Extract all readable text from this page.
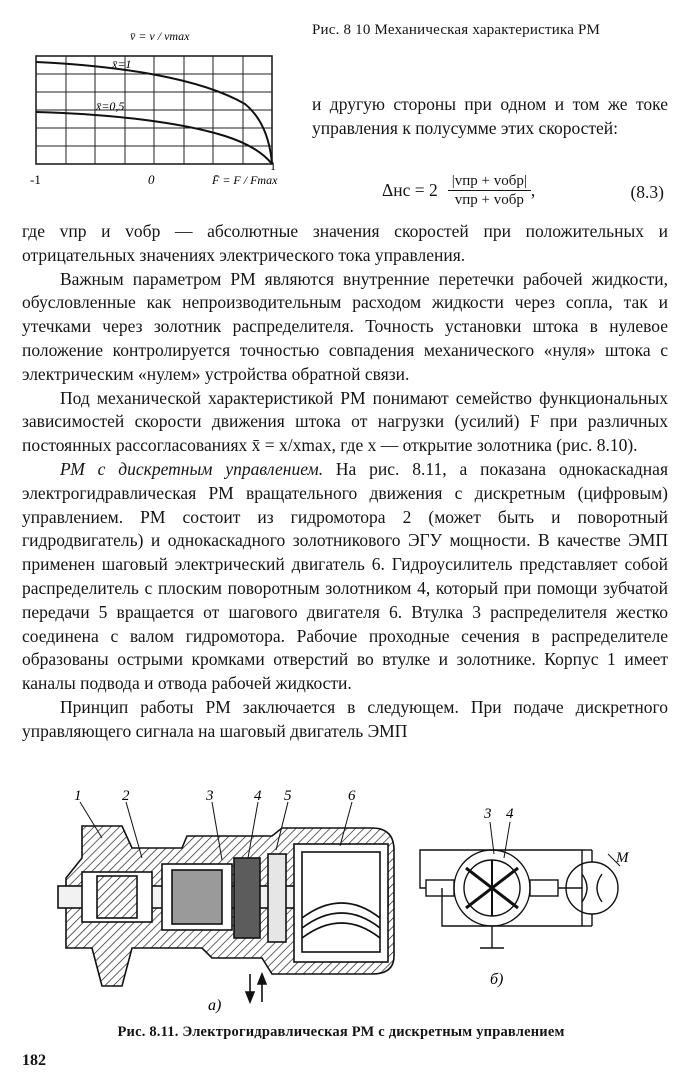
v̄ = v / vmax
x̄=1
x̄=0,5
-1	0	F̄ = F / Fmax
1
Рис. 8 10 Механическая характеристика РМ
и другую стороны при одном и том же токе управления к полусумме этих скоростей:
$\Delta нс = 2 \frac{\text{|vпр + vобр|}}{\text{vпр + vобр}}$ ,	(8.3)

где vпр и vобр — абсолютные значения скоростей при положительных и отрицательных значениях электрического тока управления.

Важным параметром РМ являются внутренние перетечки рабочей жидкости, обусловленные как непроизводительным расходом жидкости через сопла, так и утечками через золотник распределителя. Точность установки штока в нулевое положение контролируется точностью совпадения механического «нуля» штока с электрическим «нулем» устройства обратной связи.

Под механической характеристикой РМ понимают семейство функциональных зависимостей скорости движения штока от нагрузки (усилий) F при различных постоянных рассогласованиях x̄ = x/xmax, где x — открытие золотника (рис. 8.10).

РМ с дискретным управлением. На рис. 8.11, а показана однокаскадная электрогидравлическая РМ вращательного движения с дискретным (цифровым) управлением. РМ состоит из гидромотора 2 (может быть и поворотный гидродвигатель) и однокаскадного золотникового ЭГУ мощности. В качестве ЭМП применен шаговый электрический двигатель 6. Гидроусилитель представляет собой распределитель с плоским поворотным золотником 4, который при помощи зубчатой передачи 5 вращается от шагового двигателя 6. Втулка 3 распределителя жестко соединена с валом гидромотора. Рабочие проходные сечения в распределителе образованы острыми кромками отверстий во втулке и золотнике. Корпус 1 имеет каналы подвода и отвода рабочей жидкости.

Принцип работы РМ заключается в следующем. При подаче дискретного управляющего сигнала на шаговый двигатель ЭМП

1	2	3	4 5	6
а)
3 4
М
б)
Рис. 8.11. Электрогидравлическая РМ с дискретным управлением
182
